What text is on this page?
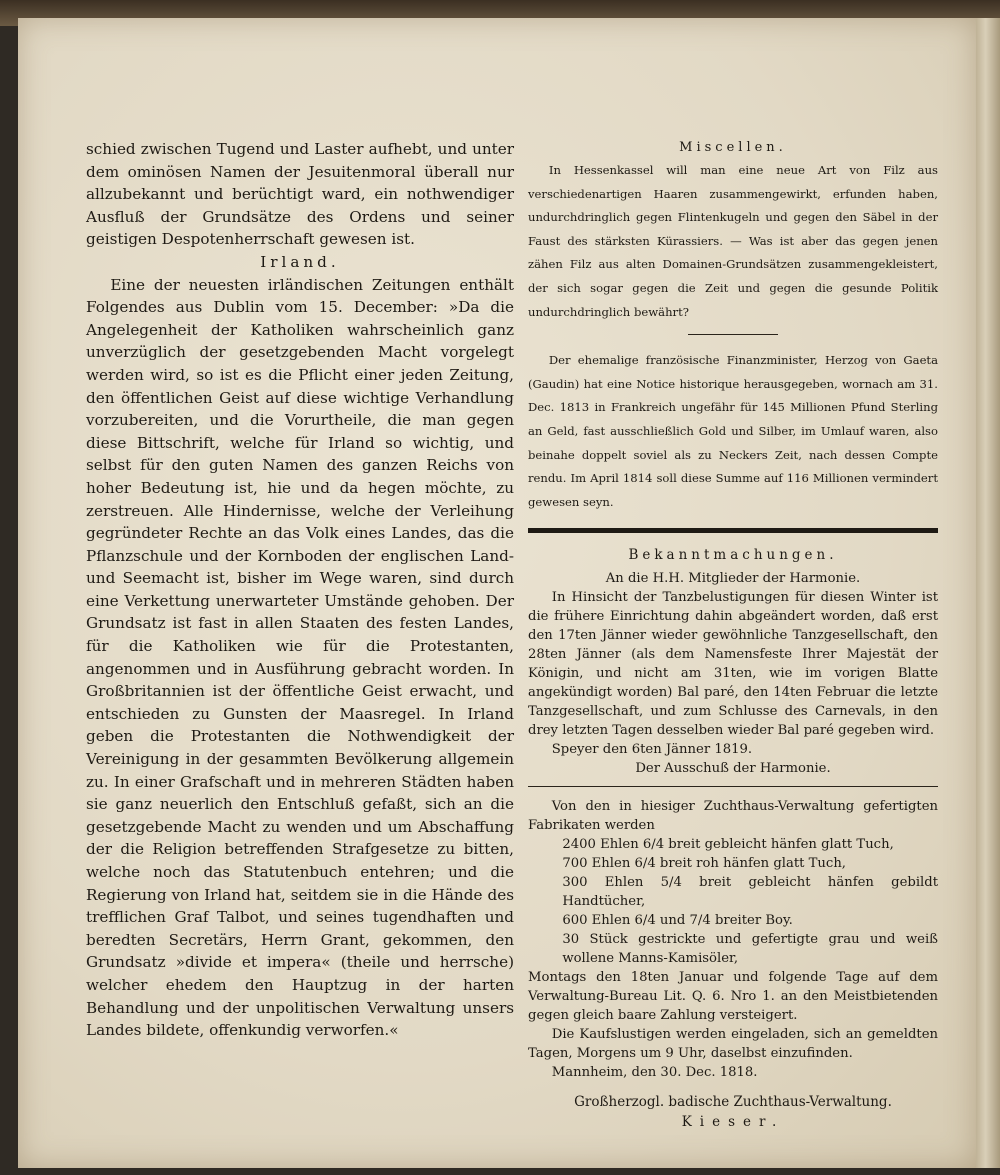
schied zwischen Tugend und Laster aufhebt, und unter dem ominösen Namen der Jesuitenmoral überall nur allzubekannt und berüchtigt ward, ein nothwendiger Ausfluß der Grundsätze des Ordens und seiner geistigen Despotenherrschaft gewesen ist.

Irland.

Eine der neuesten irländischen Zeitungen enthält Folgendes aus Dublin vom 15. December: »Da die Angelegenheit der Katholiken wahrscheinlich ganz unverzüglich der gesetzgebenden Macht vorgelegt werden wird, so ist es die Pflicht einer jeden Zeitung, den öffentlichen Geist auf diese wichtige Verhandlung vorzubereiten, und die Vorurtheile, die man gegen diese Bittschrift, welche für Irland so wichtig, und selbst für den guten Namen des ganzen Reichs von hoher Bedeutung ist, hie und da hegen möchte, zu zerstreuen. Alle Hindernisse, welche der Verleihung gegründeter Rechte an das Volk eines Landes, das die Pflanzschule und der Kornboden der englischen Land- und Seemacht ist, bisher im Wege waren, sind durch eine Verkettung unerwarteter Umstände gehoben. Der Grundsatz ist fast in allen Staaten des festen Landes, für die Katholiken wie für die Protestanten, angenommen und in Ausführung gebracht worden. In Großbritannien ist der öffentliche Geist erwacht, und entschieden zu Gunsten der Maasregel. In Irland geben die Protestanten die Nothwendigkeit der Vereinigung in der gesammten Bevölkerung allgemein zu. In einer Grafschaft und in mehreren Städten haben sie ganz neuerlich den Entschluß gefaßt, sich an die gesetzgebende Macht zu wenden und um Abschaffung der die Religion betreffenden Strafgesetze zu bitten, welche noch das Statutenbuch entehren; und die Regierung von Irland hat, seitdem sie in die Hände des trefflichen Graf Talbot, und seines tugendhaften und beredten Secretärs, Herrn Grant, gekommen, den Grundsatz »divide et impera« (theile und herrsche) welcher ehedem den Hauptzug in der harten Behandlung und der unpolitischen Verwaltung unsers Landes bildete, offenkundig verworfen.«

Miscellen.

In Hessenkassel will man eine neue Art von Filz aus verschiedenartigen Haaren zusammengewirkt, erfunden haben, undurchdringlich gegen Flintenkugeln und gegen den Säbel in der Faust des stärksten Kürassiers. — Was ist aber das gegen jenen zähen Filz aus alten Domainen-Grundsätzen zusammengekleistert, der sich sogar gegen die Zeit und gegen die gesunde Politik undurchdringlich bewährt?

Der ehemalige französische Finanzminister, Herzog von Gaeta (Gaudin) hat eine Notice historique herausgegeben, wornach am 31. Dec. 1813 in Frankreich ungefähr für 145 Millionen Pfund Sterling an Geld, fast ausschließlich Gold und Silber, im Umlauf waren, also beinahe doppelt soviel als zu Neckers Zeit, nach dessen Compte rendu. Im April 1814 soll diese Summe auf 116 Millionen vermindert gewesen seyn.

Bekanntmachungen.

An die H.H. Mitglieder der Harmonie.

In Hinsicht der Tanzbelustigungen für diesen Winter ist die frühere Einrichtung dahin abgeändert worden, daß erst den 17ten Jänner wieder gewöhnliche Tanzgesellschaft, den 28ten Jänner (als dem Namensfeste Ihrer Majestät der Königin, und nicht am 31ten, wie im vorigen Blatte angekündigt worden) Bal paré, den 14ten Februar die letzte Tanzgesellschaft, und zum Schlusse des Carnevals, in den drey letzten Tagen desselben wieder Bal paré gegeben wird.

Speyer den 6ten Jänner 1819.

Der Ausschuß der Harmonie.

Von den in hiesiger Zuchthaus-Verwaltung gefertigten Fabrikaten werden

2400 Ehlen 6/4 breit gebleicht hänfen glatt Tuch,

700 Ehlen 6/4 breit roh hänfen glatt Tuch,

300 Ehlen 5/4 breit gebleicht hänfen gebildt Handtücher,

600 Ehlen 6/4 und 7/4 breiter Boy.

30 Stück gestrickte und gefertigte grau und weiß wollene Manns-Kamisöler,

Montags den 18ten Januar und folgende Tage auf dem Verwaltung-Bureau Lit. Q. 6. Nro 1. an den Meistbietenden gegen gleich baare Zahlung versteigert.

Die Kaufslustigen werden eingeladen, sich an gemeldten Tagen, Morgens um 9 Uhr, daselbst einzufinden.

Mannheim, den 30. Dec. 1818.

Großherzogl. badische Zuchthaus-Verwaltung.

Kieser.
